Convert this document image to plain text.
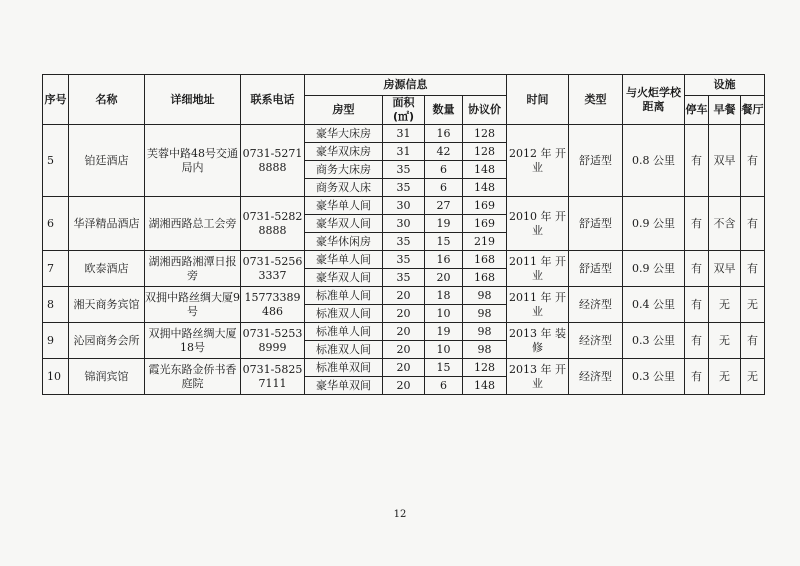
序号	名称	详细地址	联系电话	房源信息				时间	类型	与火炬学校距离	设施		
				房型	面积(㎡)	数量	协议价				停车	早餐	餐厅
5	铂廷酒店	芙蓉中路48号交通局内	0731-5271 8888	豪华大床房	31	16	128	2012 年 开业	舒适型	0.8 公里	有	双早	有
				豪华双床房	31	42	128						
				商务大床房	35	6	148						
				商务双人床	35	6	148						
6	华泽精品酒店	湖湘西路总工会旁	0731-5282 8888	豪华单人间	30	27	169	2010 年 开业	舒适型	0.9 公里	有	不含	有
				豪华双人间	30	19	169						
				豪华休闲房	35	15	219						
7	欧泰酒店	湖湘西路湘潭日报旁	0731-5256 3337	豪华单人间	35	16	168	2011 年 开业	舒适型	0.9 公里	有	双早	有
				豪华双人间	35	20	168						
8	湘天商务宾馆	双拥中路丝绸大厦9号	15773389 486	标准单人间	20	18	98	2011 年 开业	经济型	0.4 公里	有	无	无
				标准双人间	20	10	98						
9	沁园商务会所	双拥中路丝绸大厦18号	0731-5253 8999	标准单人间	20	19	98	2013 年 装修	经济型	0.3 公里	有	无	有
				标准双人间	20	10	98						
10	锦润宾馆	霞光东路金侨书香庭院	0731-5825 7111	标准单双间	20	15	128	2013 年 开业	经济型	0.3 公里	有	无	无
				豪华单双间	20	6	148						
12
